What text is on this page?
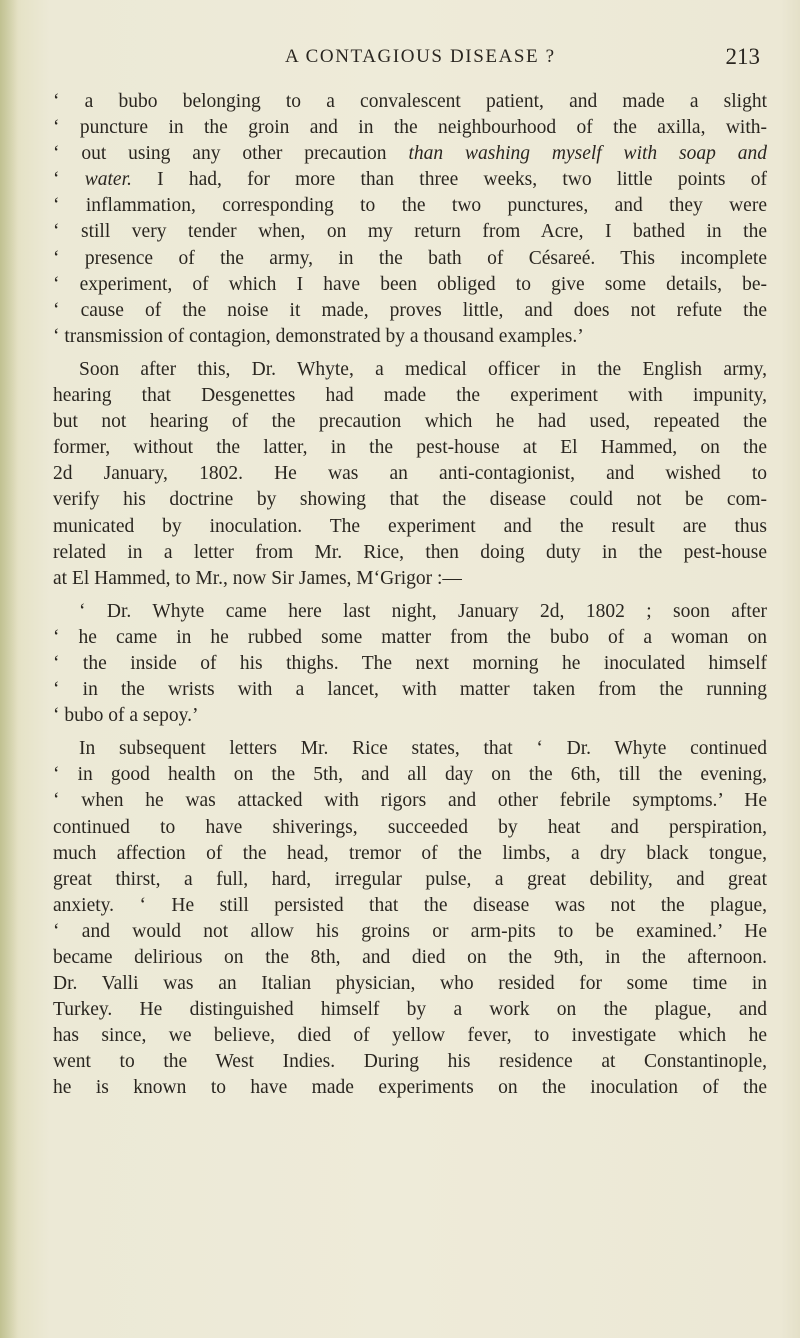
A CONTAGIOUS DISEASE ?	213
‘ a bubo belonging to a convalescent patient, and made a slight
‘ puncture in the groin and in the neighbourhood of the axilla, with-
‘ out using any other precaution than washing myself with soap and
‘ water. I had, for more than three weeks, two little points of
‘ inflammation, corresponding to the two punctures, and they were
‘ still very tender when, on my return from Acre, I bathed in the
‘ presence of the army, in the bath of Césareé. This incomplete
‘ experiment, of which I have been obliged to give some details, be-
‘ cause of the noise it made, proves little, and does not refute the
‘ transmission of contagion, demonstrated by a thousand examples.’
Soon after this, Dr. Whyte, a medical officer in the English army,
hearing that Desgenettes had made the experiment with impunity,
but not hearing of the precaution which he had used, repeated the
former, without the latter, in the pest-house at El Hammed, on the
2d January, 1802. He was an anti-contagionist, and wished to
verify his doctrine by showing that the disease could not be com-
municated by inoculation. The experiment and the result are thus
related in a letter from Mr. Rice, then doing duty in the pest-house
at El Hammed, to Mr., now Sir James, M‘Grigor :—
‘ Dr. Whyte came here last night, January 2d, 1802 ; soon after
‘ he came in he rubbed some matter from the bubo of a woman on
‘ the inside of his thighs. The next morning he inoculated himself
‘ in the wrists with a lancet, with matter taken from the running
‘ bubo of a sepoy.’
In subsequent letters Mr. Rice states, that ‘ Dr. Whyte continued
‘ in good health on the 5th, and all day on the 6th, till the evening,
‘ when he was attacked with rigors and other febrile symptoms.’ He
continued to have shiverings, succeeded by heat and perspiration,
much affection of the head, tremor of the limbs, a dry black tongue,
great thirst, a full, hard, irregular pulse, a great debility, and great
anxiety. ‘ He still persisted that the disease was not the plague,
‘ and would not allow his groins or arm-pits to be examined.’ He
became delirious on the 8th, and died on the 9th, in the afternoon.
Dr. Valli was an Italian physician, who resided for some time in
Turkey. He distinguished himself by a work on the plague, and
has since, we believe, died of yellow fever, to investigate which he
went to the West Indies. During his residence at Constantinople,
he is known to have made experiments on the inoculation of the
